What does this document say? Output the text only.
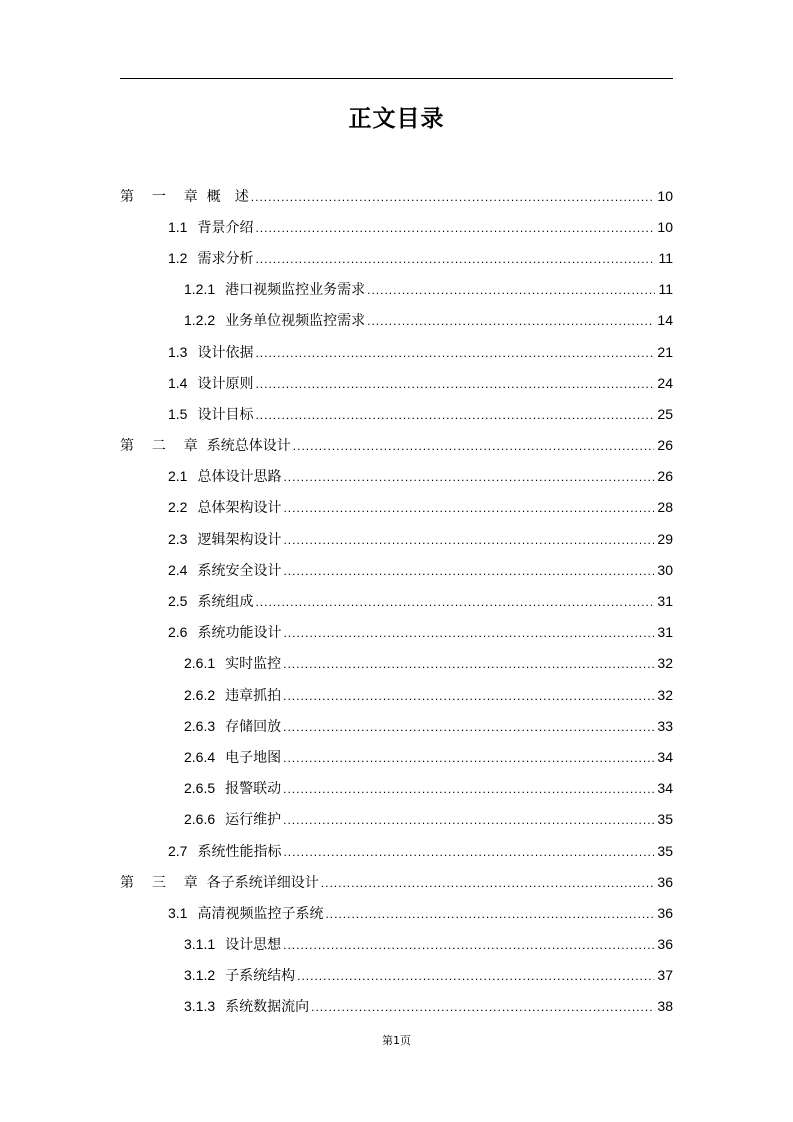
正文目录
第 一 章 概　述 .....	10
1.1 背景介绍 .....	10
1.2 需求分析 .....	11
1.2.1 港口视频监控业务需求 .....	11
1.2.2 业务单位视频监控需求 .....	14
1.3 设计依据 .....	21
1.4 设计原则 .....	24
1.5 设计目标 .....	25
第 二 章 系统总体设计 .....	26
2.1 总体设计思路 .....	26
2.2 总体架构设计 .....	28
2.3 逻辑架构设计 .....	29
2.4 系统安全设计 .....	30
2.5 系统组成 .....	31
2.6 系统功能设计 .....	31
2.6.1 实时监控 .....	32
2.6.2 违章抓拍 .....	32
2.6.3 存储回放 .....	33
2.6.4 电子地图 .....	34
2.6.5 报警联动 .....	34
2.6.6 运行维护 .....	35
2.7 系统性能指标 .....	35
第 三 章 各子系统详细设计 .....	36
3.1 高清视频监控子系统 .....	36
3.1.1 设计思想 .....	36
3.1.2 子系统结构 .....	37
3.1.3 系统数据流向 .....	38
第1页
